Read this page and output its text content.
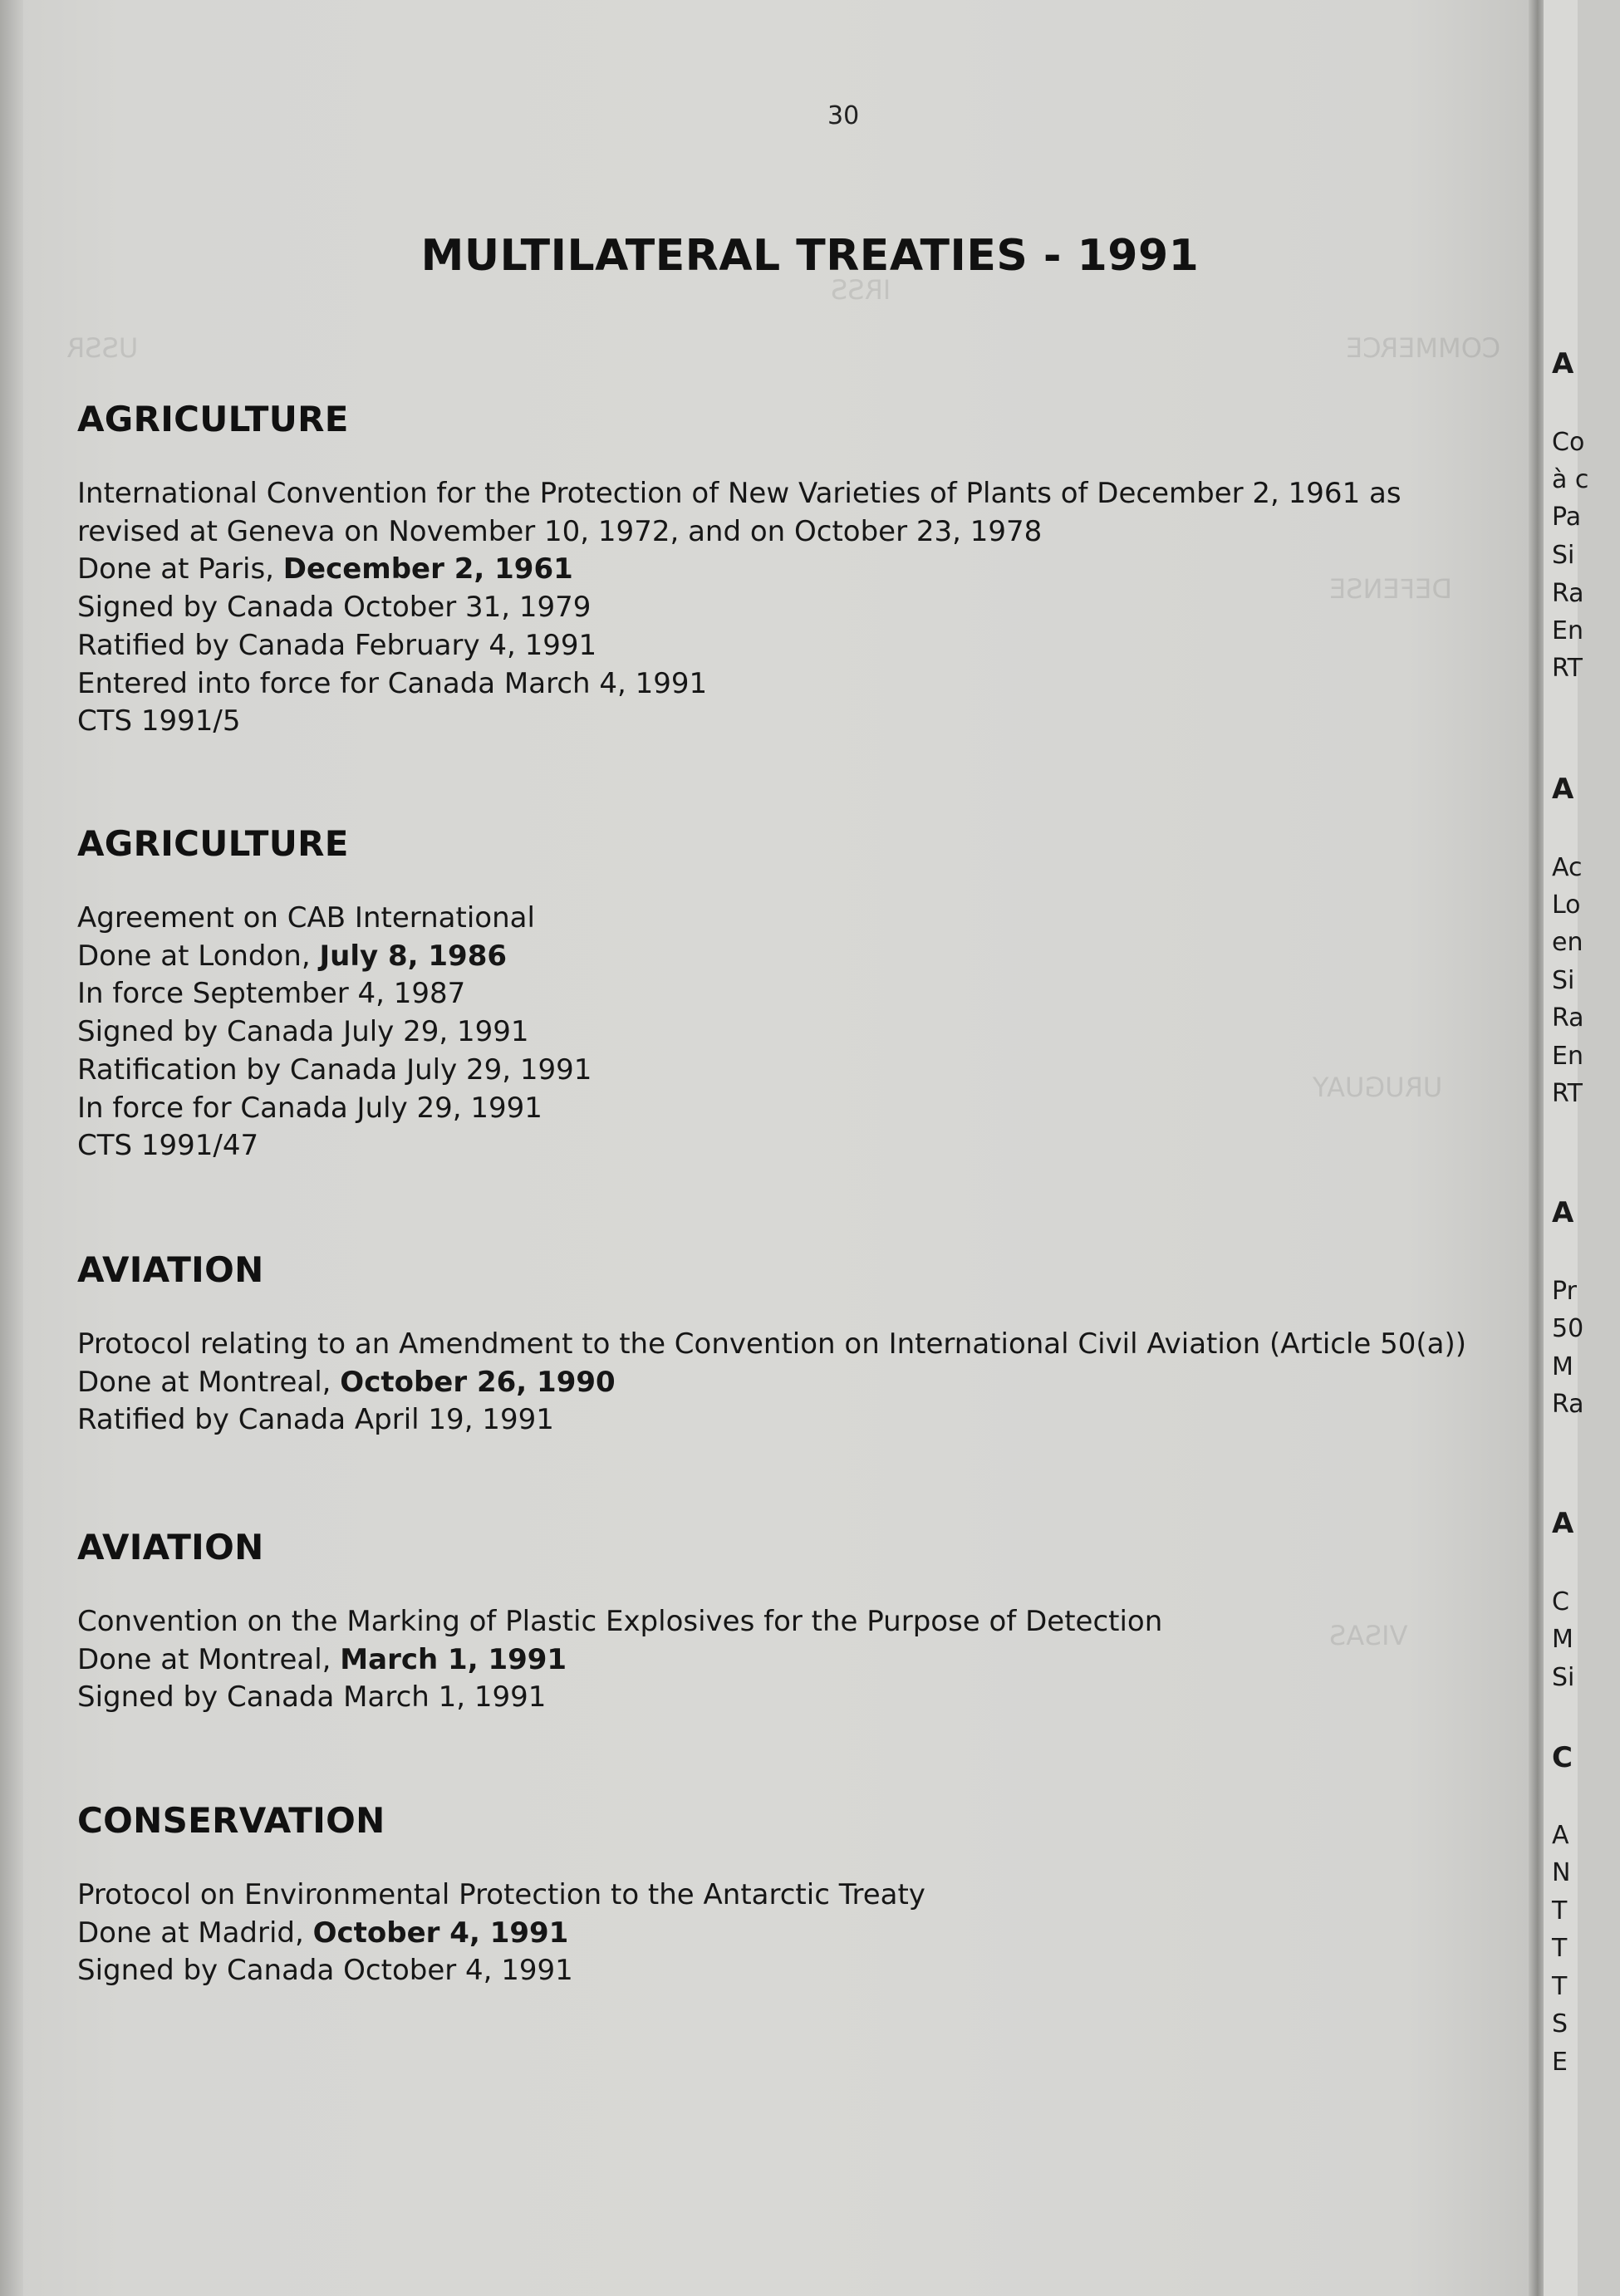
IRSS
USSR	COMMERCE
DEFENSE
URUGUAY
VISAS
30
MULTILATERAL TREATIES - 1991
AGRICULTURE
International Convention for the Protection of New Varieties of Plants of December 2, 1961 as
revised at Geneva on November 10, 1972, and on October 23, 1978
Done at Paris, December 2, 1961
Signed by Canada October 31, 1979
Ratified by Canada February 4, 1991
Entered into force for Canada March 4, 1991
CTS 1991/5
AGRICULTURE
Agreement on CAB International
Done at London, July 8, 1986
In force September 4, 1987
Signed by Canada July 29, 1991
Ratification by Canada July 29, 1991
In force for Canada July 29, 1991
CTS 1991/47
AVIATION
Protocol relating to an Amendment to the Convention on International Civil Aviation (Article 50(a))
Done at Montreal, October 26, 1990
Ratified by Canada April 19, 1991
AVIATION
Convention on the Marking of Plastic Explosives for the Purpose of Detection
Done at Montreal, March 1, 1991
Signed by Canada March 1, 1991
CONSERVATION
Protocol on Environmental Protection to the Antarctic Treaty
Done at Madrid, October 4, 1991
Signed by Canada October 4, 1991
A
Co
à c
Pa
Si
Ra
En
RT
A
Ac
Lo
en
Si
Ra
En
RT
A
Pr
50
M
Ra
A
C
M
Si
C
A
N
T
T
T
S
E
